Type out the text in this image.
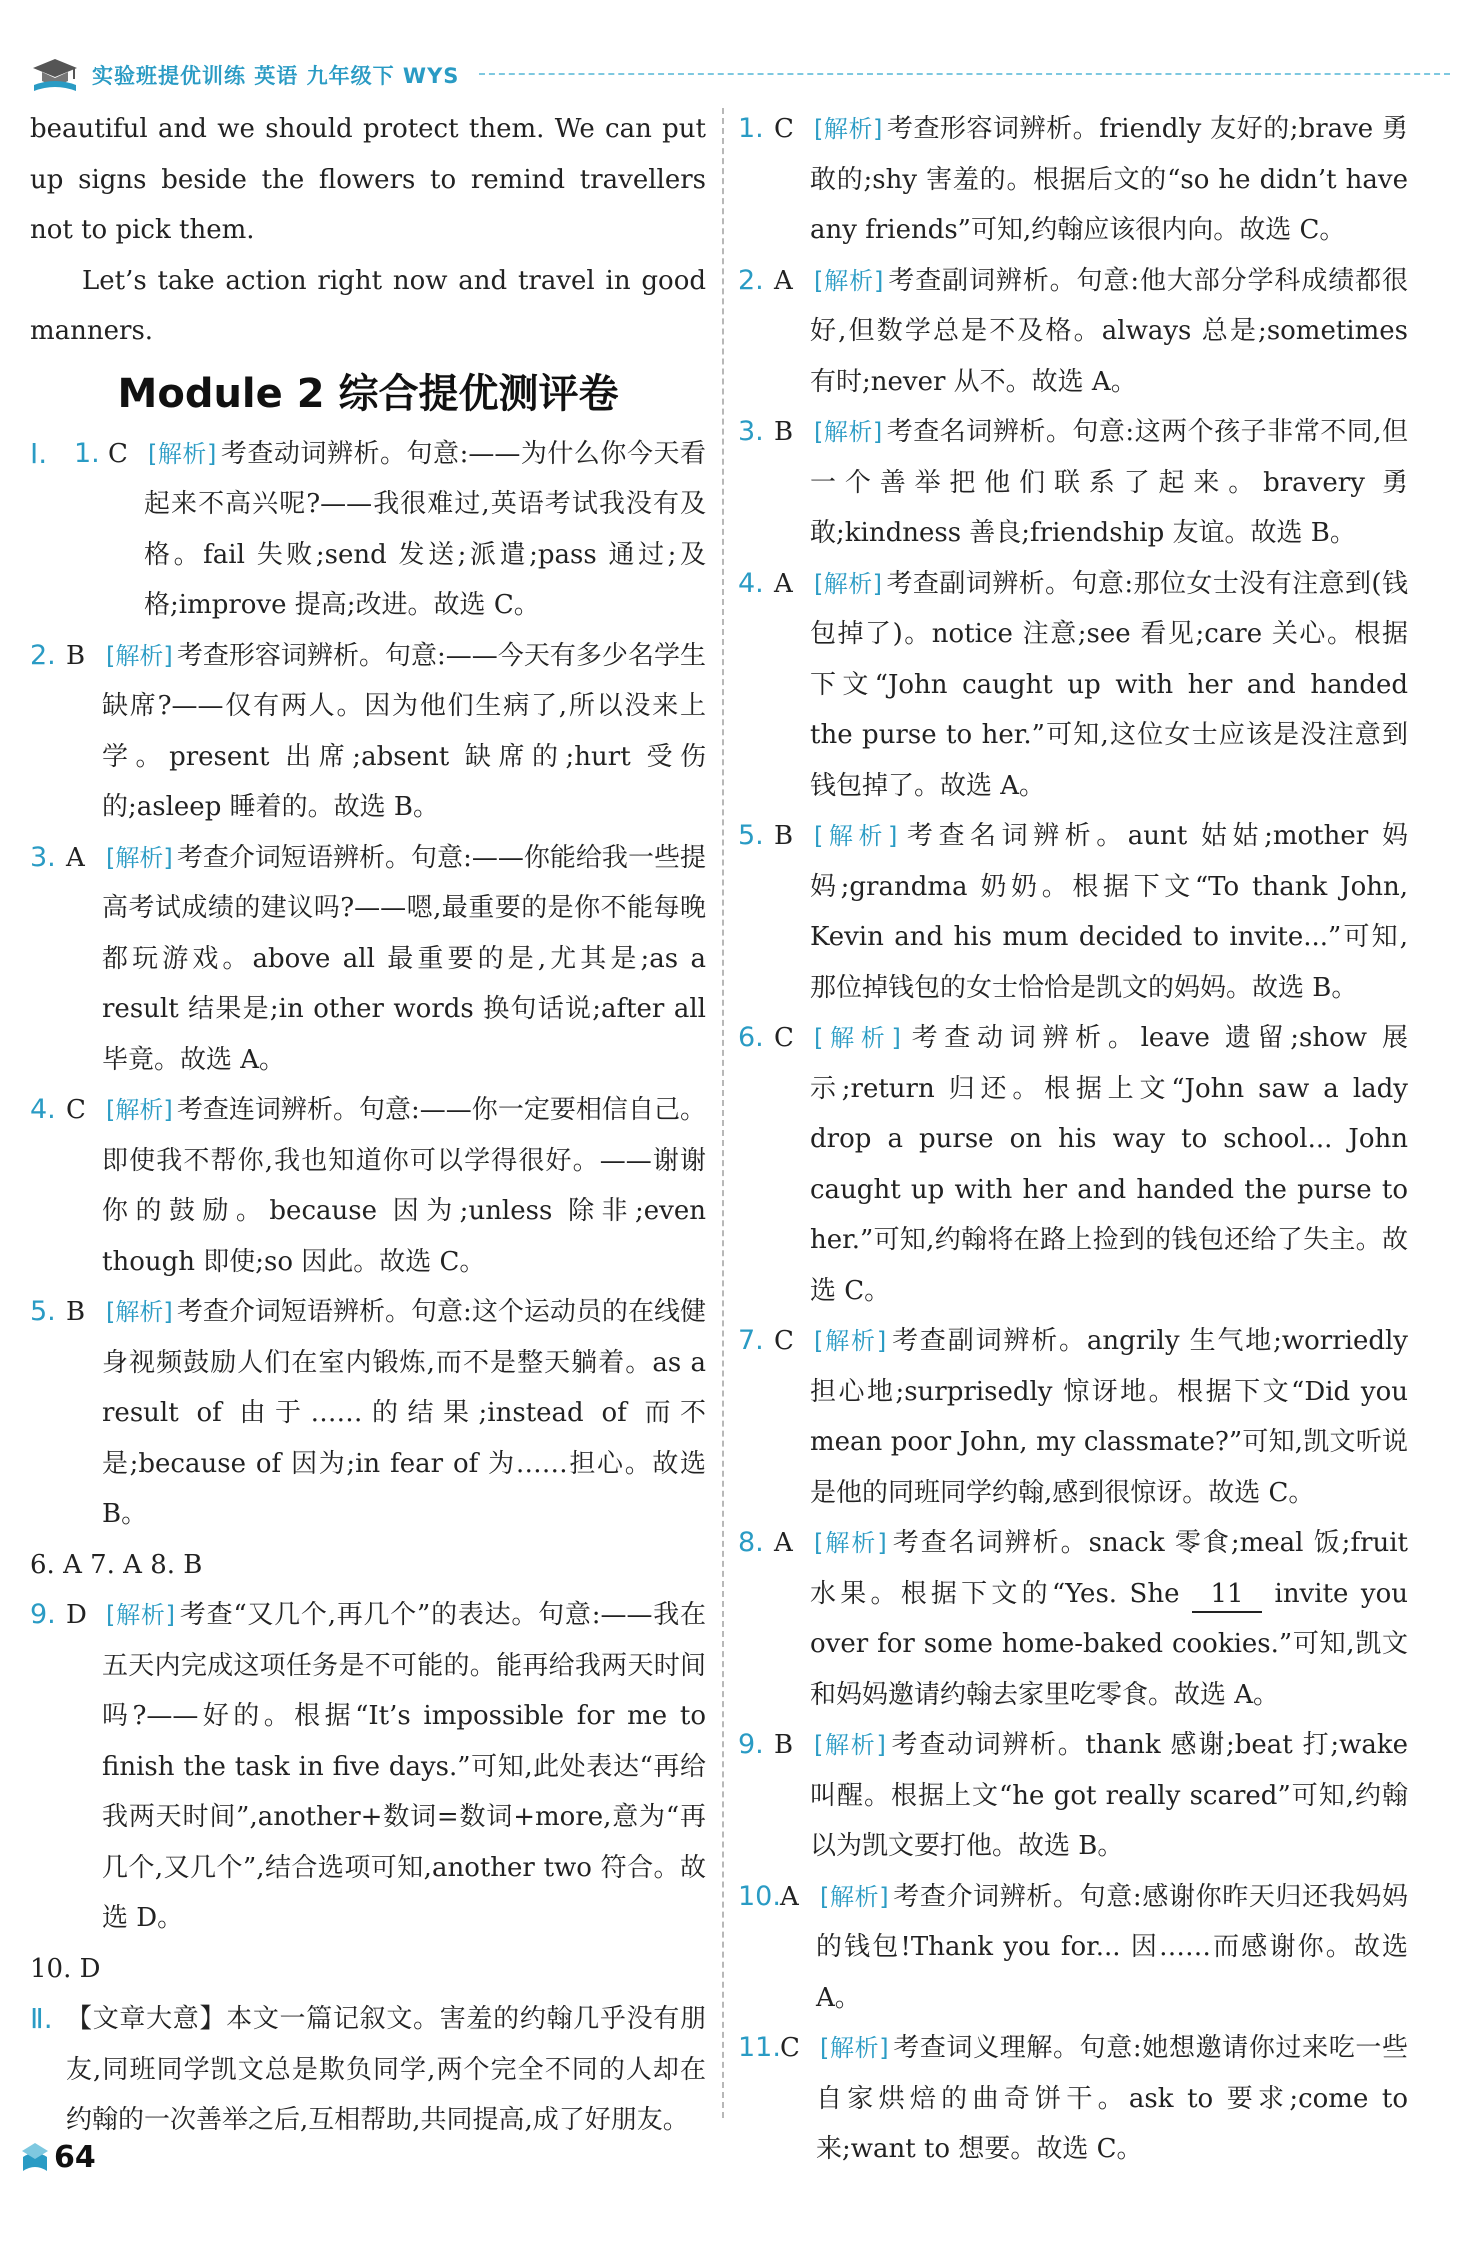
实验班提优训练 英语 九年级下 WYS

beautiful and we should protect them. We can put up signs beside the flowers to remind travellers not to pick them.

Let’s take action right now and travel in good manners.

Module 2 综合提优测评卷
Ⅰ. 1. C [解析] 考查动词辨析。句意:——为什么你今天看起来不高兴呢?——我很难过,英语考试我没有及格。fail 失败;send 发送;派遣;pass 通过;及格;improve 提高;改进。故选 C。
2. B [解析] 考查形容词辨析。句意:——今天有多少名学生缺席?——仅有两人。因为他们生病了,所以没来上学。present 出席;absent 缺席的;hurt 受伤的;asleep 睡着的。故选 B。
3. A [解析] 考查介词短语辨析。句意:——你能给我一些提高考试成绩的建议吗?——嗯,最重要的是你不能每晚都玩游戏。above all 最重要的是,尤其是;as a result 结果是;in other words 换句话说;after all 毕竟。故选 A。
4. C [解析] 考查连词辨析。句意:——你一定要相信自己。即使我不帮你,我也知道你可以学得很好。——谢谢你的鼓励。because 因为;unless 除非;even though 即使;so 因此。故选 C。
5. B [解析] 考查介词短语辨析。句意:这个运动员的在线健身视频鼓励人们在室内锻炼,而不是整天躺着。as a result of 由于……的结果;instead of 而不是;because of 因为;in fear of 为……担心。故选 B。

6. A 7. A 8. B

9. D [解析] 考查“又几个,再几个”的表达。句意:——我在五天内完成这项任务是不可能的。能再给我两天时间吗?——好的。根据“It’s impossible for me to finish the task in five days.”可知,此处表达“再给我两天时间”,another+数词=数词+more,意为“再几个,又几个”,结合选项可知,another two 符合。故选 D。

10. D

Ⅱ. 【文章大意】本文一篇记叙文。害羞的约翰几乎没有朋友,同班同学凯文总是欺负同学,两个完全不同的人却在约翰的一次善举之后,互相帮助,共同提高,成了好朋友。
1. C [解析] 考查形容词辨析。friendly 友好的;brave 勇敢的;shy 害羞的。根据后文的“so he didn’t have any friends”可知,约翰应该很内向。故选 C。
2. A [解析] 考查副词辨析。句意:他大部分学科成绩都很好,但数学总是不及格。always 总是;sometimes 有时;never 从不。故选 A。
3. B [解析] 考查名词辨析。句意:这两个孩子非常不同,但一个善举把他们联系了起来。bravery 勇敢;kindness 善良;friendship 友谊。故选 B。
4. A [解析] 考查副词辨析。句意:那位女士没有注意到(钱包掉了)。notice 注意;see 看见;care 关心。根据下文“John caught up with her and handed the purse to her.”可知,这位女士应该是没注意到钱包掉了。故选 A。
5. B [解析] 考查名词辨析。aunt 姑姑;mother 妈妈;grandma 奶奶。根据下文“To thank John, Kevin and his mum decided to invite...”可知,那位掉钱包的女士恰恰是凯文的妈妈。故选 B。
6. C [解析] 考查动词辨析。leave 遗留;show 展示;return 归还。根据上文“John saw a lady drop a purse on his way to school... John caught up with her and handed the purse to her.”可知,约翰将在路上捡到的钱包还给了失主。故选 C。
7. C [解析] 考查副词辨析。angrily 生气地;worriedly 担心地;surprisedly 惊讶地。根据下文“Did you mean poor John, my classmate?”可知,凯文听说是他的同班同学约翰,感到很惊讶。故选 C。
8. A [解析] 考查名词辨析。snack 零食;meal 饭;fruit 水果。根据下文的“Yes. She 11 invite you over for some home-baked cookies.”可知,凯文和妈妈邀请约翰去家里吃零食。故选 A。
9. B [解析] 考查动词辨析。thank 感谢;beat 打;wake 叫醒。根据上文“he got really scared”可知,约翰以为凯文要打他。故选 B。
10. A [解析] 考查介词辨析。句意:感谢你昨天归还我妈妈的钱包!Thank you for... 因……而感谢你。故选 A。
11. C [解析] 考查词义理解。句意:她想邀请你过来吃一些自家烘焙的曲奇饼干。ask to 要求;come to 来;want to 想要。故选 C。
64
